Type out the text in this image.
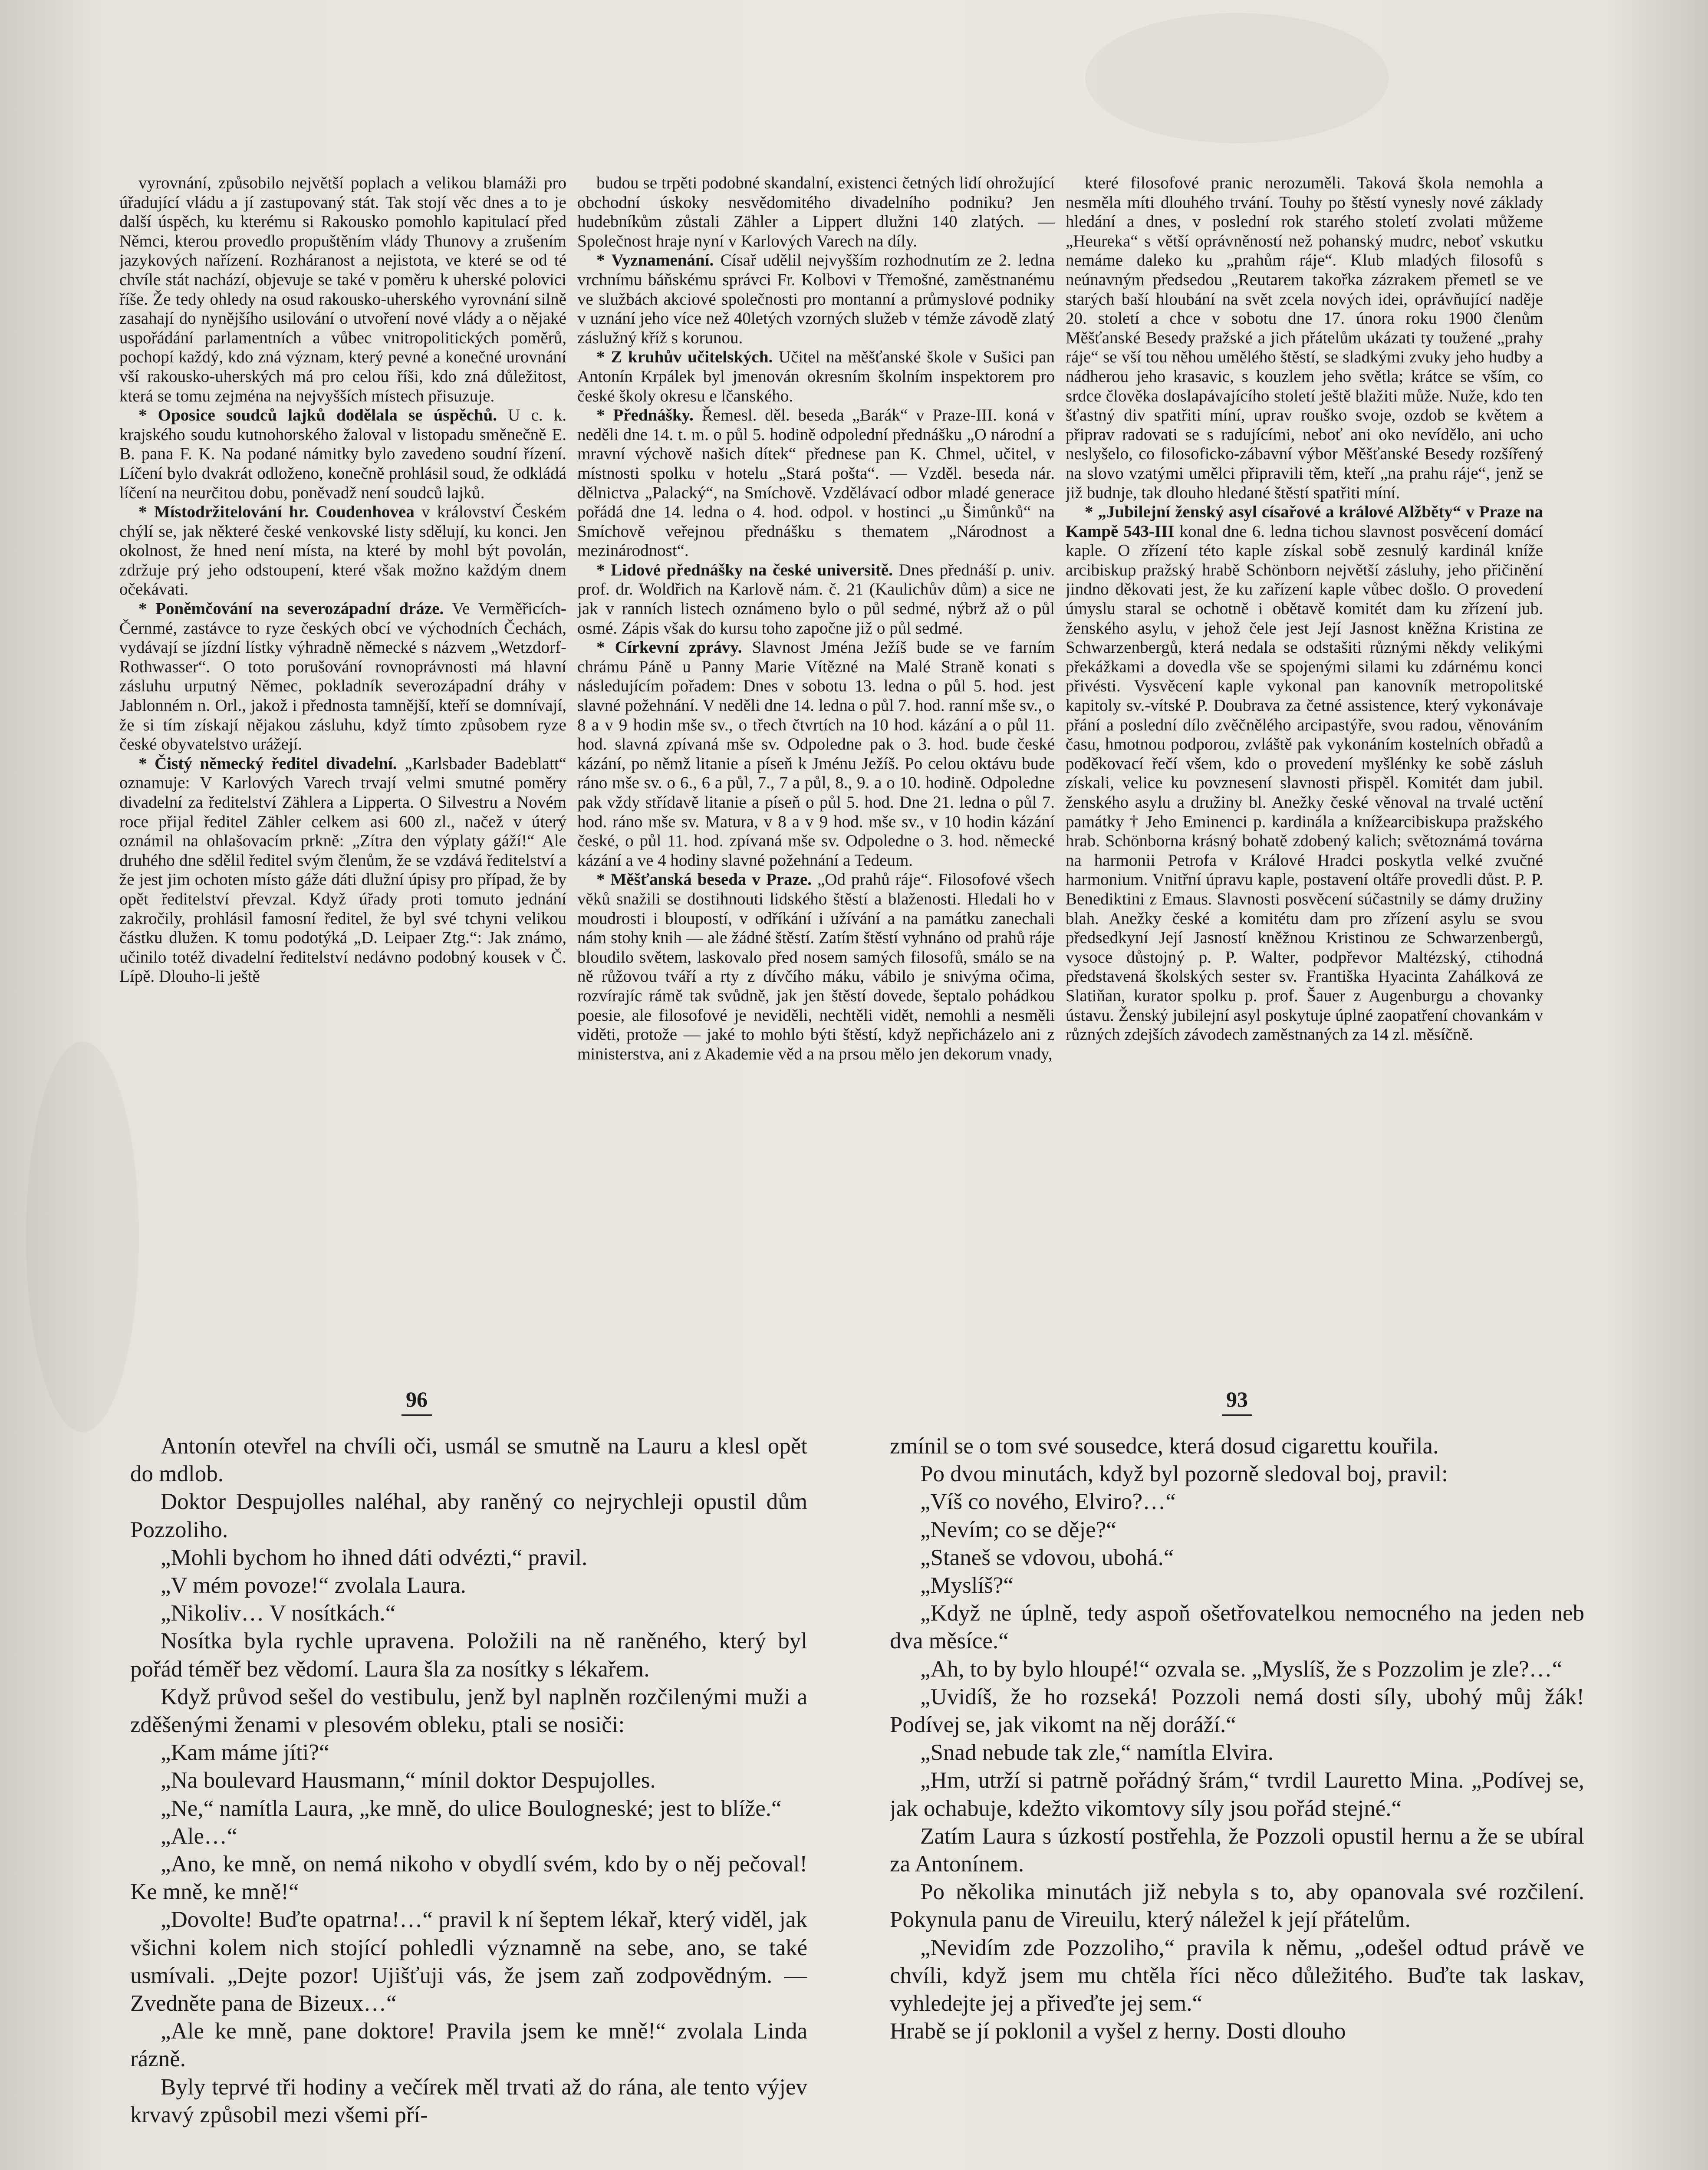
vyrovnání, způsobilo největší poplach a velikou blamáži pro úřadující vládu a jí zastupovaný stát. Tak stojí věc dnes a to je další úspěch, ku kterému si Rakousko pomohlo kapitulací před Němci, kterou provedlo propuštěním vlády Thunovy a zrušením jazykových nařízení. Rozháranost a nejistota, ve které se od té chvíle stát nachází, objevuje se také v poměru k uherské polovici říše. Že tedy ohledy na osud rakousko-uherského vyrovnání silně zasahají do nynějšího usilování o utvoření nové vlády a o nějaké uspořádání parlamentních a vůbec vnitropolitických poměrů, pochopí každý, kdo zná význam, který pevné a konečné urovnání vší rakousko-uherských má pro celou říši, kdo zná důležitost, která se tomu zejména na nejvyšších místech přisuzuje.

* Oposice soudců lajků dodělala se úspěchů. U c. k. krajského soudu kutnohorského žaloval v listopadu směnečně E. B. pana F. K. Na podané námitky bylo zavedeno soudní řízení. Líčení bylo dvakrát odloženo, konečně prohlásil soud, že odkládá líčení na neurčitou dobu, poněvadž není soudců lajků.

* Místodržitelování hr. Coudenhovea v království Českém chýlí se, jak některé české venkovské listy sdělují, ku konci. Jen okolnost, že hned není místa, na které by mohl být povolán, zdržuje prý jeho odstoupení, které však možno každým dnem očekávati.

* Poněmčování na severozápadní dráze. Ve Verměřicích-Černmé, zastávce to ryze českých obcí ve východních Čechách, vydávají se jízdní lístky výhradně německé s názvem „Wetzdorf-Rothwasser“. O toto porušování rovnoprávnosti má hlavní zásluhu urputný Němec, pokladník severozápadní dráhy v Jablonném n. Orl., jakož i přednosta tamnější, kteří se domnívají, že si tím získají nějakou zásluhu, když tímto způsobem ryze české obyvatelstvo urážejí.

* Čistý německý ředitel divadelní. „Karlsbader Badeblatt“ oznamuje: V Karlových Varech trvají velmi smutné poměry divadelní za ředitelství Zählera a Lipperta. O Silvestru a Novém roce přijal ředitel Zähler celkem asi 600 zl., načež v úterý oznámil na ohlašovacím prkně: „Zítra den výplaty gáží!“ Ale druhého dne sdělil ředitel svým členům, že se vzdává ředitelství a že jest jim ochoten místo gáže dáti dlužní úpisy pro případ, že by opět ředitelství převzal. Když úřady proti tomuto jednání zakročily, prohlásil famosní ředitel, že byl své tchyni velikou částku dlužen. K tomu podotýká „D. Leipaer Ztg.“: Jak známo, učinilo totéž divadelní ředitelství nedávno podobný kousek v Č. Lípě. Dlouho-li ještě

budou se trpěti podobné skandalní, existenci četných lidí ohrožující obchodní úskoky nesvědomitého divadelního podniku? Jen hudebníkům zůstali Zähler a Lippert dlužni 140 zlatých. — Společnost hraje nyní v Karlových Varech na díly.

* Vyznamenání. Císař udělil nejvyšším rozhodnutím ze 2. ledna vrchnímu báňskému správci Fr. Kolbovi v Třemošné, zaměstnanému ve službách akciové společnosti pro montanní a průmyslové podniky v uznání jeho více než 40letých vzorných služeb v témže závodě zlatý záslužný kříž s korunou.

* Z kruhův učitelských. Učitel na měšťanské škole v Sušici pan Antonín Krpálek byl jmenován okresním školním inspektorem pro české školy okresu e lčanského.

* Přednášky. Řemesl. děl. beseda „Barák“ v Praze-III. koná v neděli dne 14. t. m. o půl 5. hodině odpolední přednášku „O národní a mravní výchově našich dítek“ přednese pan K. Chmel, učitel, v místnosti spolku v hotelu „Stará pošta“. — Vzděl. beseda nár. dělnictva „Palacký“, na Smíchově. Vzdělávací odbor mladé generace pořádá dne 14. ledna o 4. hod. odpol. v hostinci „u Šimůnků“ na Smíchově veřejnou přednášku s thematem „Národnost a mezinárodnost“.

* Lidové přednášky na české universitě. Dnes přednáší p. univ. prof. dr. Woldřich na Karlově nám. č. 21 (Kaulichův dům) a sice ne jak v ranních listech oznámeno bylo o půl sedmé, nýbrž až o půl osmé. Zápis však do kursu toho započne již o půl sedmé.

* Církevní zprávy. Slavnost Jména Ježíš bude se ve farním chrámu Páně u Panny Marie Vítězné na Malé Straně konati s následujícím pořadem: Dnes v sobotu 13. ledna o půl 5. hod. jest slavné požehnání. V neděli dne 14. ledna o půl 7. hod. ranní mše sv., o 8 a v 9 hodin mše sv., o třech čtvrtích na 10 hod. kázání a o půl 11. hod. slavná zpívaná mše sv. Odpoledne pak o 3. hod. bude české kázání, po němž litanie a píseň k Jménu Ježíš. Po celou oktávu bude ráno mše sv. o 6., 6 a půl, 7., 7 a půl, 8., 9. a o 10. hodině. Odpoledne pak vždy střídavě litanie a píseň o půl 5. hod. Dne 21. ledna o půl 7. hod. ráno mše sv. Matura, v 8 a v 9 hod. mše sv., v 10 hodin kázání české, o půl 11. hod. zpívaná mše sv. Odpoledne o 3. hod. německé kázání a ve 4 hodiny slavné požehnání a Tedeum.

* Měšťanská beseda v Praze. „Od prahů ráje“. Filosofové všech věků snažili se dostihnouti lidského štěstí a blaženosti. Hledali ho v moudrosti i bloupostí, v odříkání i užívání a na památku zanechali nám stohy knih — ale žádné štěstí. Zatím štěstí vyhnáno od prahů ráje bloudilo světem, laskovalo před nosem samých filosofů, smálo se na ně růžovou tváří a rty z dívčího máku, vábilo je snivýma očima, rozvírajíc rámě tak svůdně, jak jen štěstí dovede, šeptalo pohádkou poesie, ale filosofové je neviděli, nechtěli vidět, nemohli a nesměli viděti, protože — jaké to mohlo býti štěstí, když nepřicházelo ani z ministerstva, ani z Akademie věd a na prsou mělo jen dekorum vnady,

které filosofové pranic nerozuměli. Taková škola nemohla a nesměla míti dlouhého trvání. Touhy po štěstí vynesly nové základy hledání a dnes, v poslední rok starého století zvolati můžeme „Heureka“ s větší oprávněností než pohanský mudrc, neboť vskutku nemáme daleko ku „prahům ráje“. Klub mladých filosofů s neúnavným předsedou „Reutarem takořka zázrakem přemetl se ve starých baší hloubání na svět zcela nových idei, oprávňující naděje 20. století a chce v sobotu dne 17. února roku 1900 členům Měšťanské Besedy pražské a jich přátelům ukázati ty toužené „prahy ráje“ se vší tou něhou umělého štěstí, se sladkými zvuky jeho hudby a nádherou jeho krasavic, s kouzlem jeho světla; krátce se vším, co srdce člověka doslapávajícího století ještě blažiti může. Nuže, kdo ten šťastný div spatřiti míní, uprav rouško svoje, ozdob se květem a připrav radovati se s radujícími, neboť ani oko nevídělo, ani ucho neslyšelo, co filosoficko-zábavní výbor Měšťanské Besedy rozšířený na slovo vzatými umělci připravili těm, kteří „na prahu ráje“, jenž se již budnje, tak dlouho hledané štěstí spatřiti míní.

* „Jubilejní ženský asyl císařové a králové Alžběty“ v Praze na Kampě 543-III konal dne 6. ledna tichou slavnost posvěcení domácí kaple. O zřízení této kaple získal sobě zesnulý kardinál kníže arcibiskup pražský hrabě Schönborn největší zásluhy, jeho přičinění jindno děkovati jest, že ku zařízení kaple vůbec došlo. O provedení úmyslu staral se ochotně i obětavě komitét dam ku zřízení jub. ženského asylu, v jehož čele jest Její Jasnost kněžna Kristina ze Schwarzenbergů, která nedala se odstašiti různými někdy velikými překážkami a dovedla vše se spojenými silami ku zdárnému konci přivésti. Vysvěcení kaple vykonal pan kanovník metropolitské kapitoly sv.-vítské P. Doubrava za četné assistence, který vykonávaje přání a poslední dílo zvěčnělého arcipastýře, svou radou, věnováním času, hmotnou podporou, zvláště pak vykonáním kostelních obřadů a poděkovací řečí všem, kdo o provedení myšlénky ke sobě zásluh získali, velice ku povznesení slavnosti přispěl. Komitét dam jubil. ženského asylu a družiny bl. Anežky české věnoval na trvalé uctění památky † Jeho Eminenci p. kardinála a knížearcibiskupa pražského hrab. Schönborna krásný bohatě zdobený kalich; světoznámá továrna na harmonii Petrofa v Králové Hradci poskytla velké zvučné harmonium. Vnitřní úpravu kaple, postavení oltáře provedli důst. P. P. Benediktini z Emaus. Slavnosti posvěcení súčastnily se dámy družiny blah. Anežky české a komitétu dam pro zřízení asylu se svou předsedkyní Její Jasností kněžnou Kristinou ze Schwarzenbergů, vysoce důstojný p. P. Walter, podpřevor Maltézský, ctihodná představená školských sester sv. Františka Hyacinta Zahálková ze Slatiňan, kurator spolku p. prof. Šauer z Augenburgu a chovanky ústavu. Ženský jubilejní asyl poskytuje úplné zaopatření chovankám v různých zdejších závodech zaměstnaných za 14 zl. měsíčně.

96	93

Antonín otevřel na chvíli oči, usmál se smutně na Lauru a klesl opět do mdlob.

Doktor Despujolles naléhal, aby raněný co nejrychleji opustil dům Pozzoliho.

„Mohli bychom ho ihned dáti odvézti,“ pravil.

„V mém povoze!“ zvolala Laura.

„Nikoliv… V nosítkách.“

Nosítka byla rychle upravena. Položili na ně raněného, který byl pořád téměř bez vědomí. Laura šla za nosítky s lékařem.

Když průvod sešel do vestibulu, jenž byl naplněn rozčilenými muži a zděšenými ženami v plesovém obleku, ptali se nosiči:

„Kam máme jíti?“

„Na boulevard Hausmann,“ mínil doktor Despujolles.

„Ne,“ namítla Laura, „ke mně, do ulice Boulogneské; jest to blíže.“

„Ale…“

„Ano, ke mně, on nemá nikoho v obydlí svém, kdo by o něj pečoval! Ke mně, ke mně!“

„Dovolte! Buďte opatrna!…“ pravil k ní šeptem lékař, který viděl, jak všichni kolem nich stojící pohledli významně na sebe, ano, se také usmívali. „Dejte pozor! Ujišťuji vás, že jsem zaň zodpovědným. — Zvedněte pana de Bizeux…“

„Ale ke mně, pane doktore! Pravila jsem ke mně!“ zvolala Linda rázně.

Byly teprvé tři hodiny a večírek měl trvati až do rána, ale tento výjev krvavý způsobil mezi všemi pří-

zmínil se o tom své sousedce, která dosud cigarettu kouřila.

Po dvou minutách, když byl pozorně sledoval boj, pravil:

„Víš co nového, Elviro?…“

„Nevím; co se děje?“

„Staneš se vdovou, ubohá.“

„Myslíš?“

„Když ne úplně, tedy aspoň ošetřovatelkou nemocného na jeden neb dva měsíce.“

„Ah, to by bylo hloupé!“ ozvala se. „Myslíš, že s Pozzolim je zle?…“

„Uvidíš, že ho rozseká! Pozzoli nemá dosti síly, ubohý můj žák! Podívej se, jak vikomt na něj doráží.“

„Snad nebude tak zle,“ namítla Elvira.

„Hm, utrží si patrně pořádný šrám,“ tvrdil Lauretto Mina. „Podívej se, jak ochabuje, kdežto vikomtovy síly jsou pořád stejné.“

Zatím Laura s úzkostí postřehla, že Pozzoli opustil hernu a že se ubíral za Antonínem.

Po několika minutách již nebyla s to, aby opanovala své rozčilení. Pokynula panu de Vireuilu, který náležel k její přátelům.

„Nevidím zde Pozzoliho,“ pravila k němu, „odešel odtud právě ve chvíli, když jsem mu chtěla říci něco důležitého. Buďte tak laskav, vyhledejte jej a přiveďte jej sem.“

Hrabě se jí poklonil a vyšel z herny. Dosti dlouho
